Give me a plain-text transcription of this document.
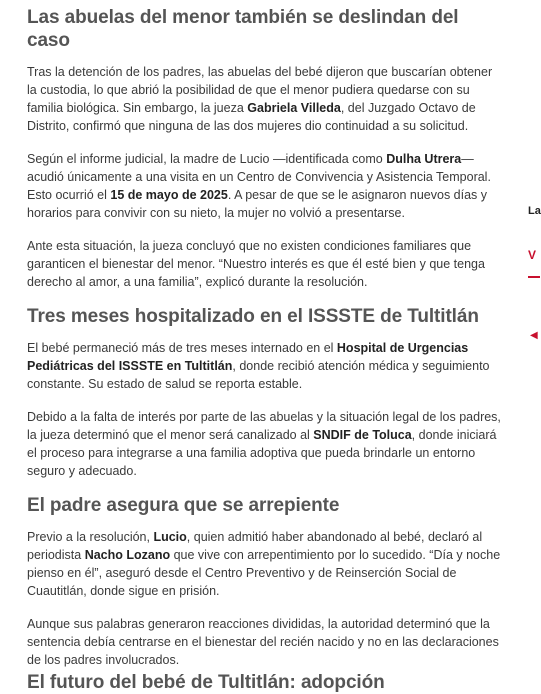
Las abuelas del menor también se deslindan del caso

Tras la detención de los padres, las abuelas del bebé dijeron que buscarían obtener la custodia, lo que abrió la posibilidad de que el menor pudiera quedarse con su familia biológica. Sin embargo, la jueza Gabriela Villeda, del Juzgado Octavo de Distrito, confirmó que ninguna de las dos mujeres dio continuidad a su solicitud.

Según el informe judicial, la madre de Lucio —identificada como Dulha Utrera— acudió únicamente a una visita en un Centro de Convivencia y Asistencia Temporal. Esto ocurrió el 15 de mayo de 2025. A pesar de que se le asignaron nuevos días y horarios para convivir con su nieto, la mujer no volvió a presentarse.

Ante esta situación, la jueza concluyó que no existen condiciones familiares que garanticen el bienestar del menor. “Nuestro interés es que él esté bien y que tenga derecho al amor, a una familia”, explicó durante la resolución.

Tres meses hospitalizado en el ISSSTE de Tultitlán

El bebé permaneció más de tres meses internado en el Hospital de Urgencias Pediátricas del ISSSTE en Tultitlán, donde recibió atención médica y seguimiento constante. Su estado de salud se reporta estable.

Debido a la falta de interés por parte de las abuelas y la situación legal de los padres, la jueza determinó que el menor será canalizado al SNDIF de Toluca, donde iniciará el proceso para integrarse a una familia adoptiva que pueda brindarle un entorno seguro y adecuado.

El padre asegura que se arrepiente

Previo a la resolución, Lucio, quien admitió haber abandonado al bebé, declaró al periodista Nacho Lozano que vive con arrepentimiento por lo sucedido. “Día y noche pienso en él”, aseguró desde el Centro Preventivo y de Reinserción Social de Cuautitlán, donde sigue en prisión.

Aunque sus palabras generaron reacciones divididas, la autoridad determinó que la sentencia debía centrarse en el bienestar del recién nacido y no en las declaraciones de los padres involucrados.

El futuro del bebé de Tultitlán: adopción
La
V
◀
